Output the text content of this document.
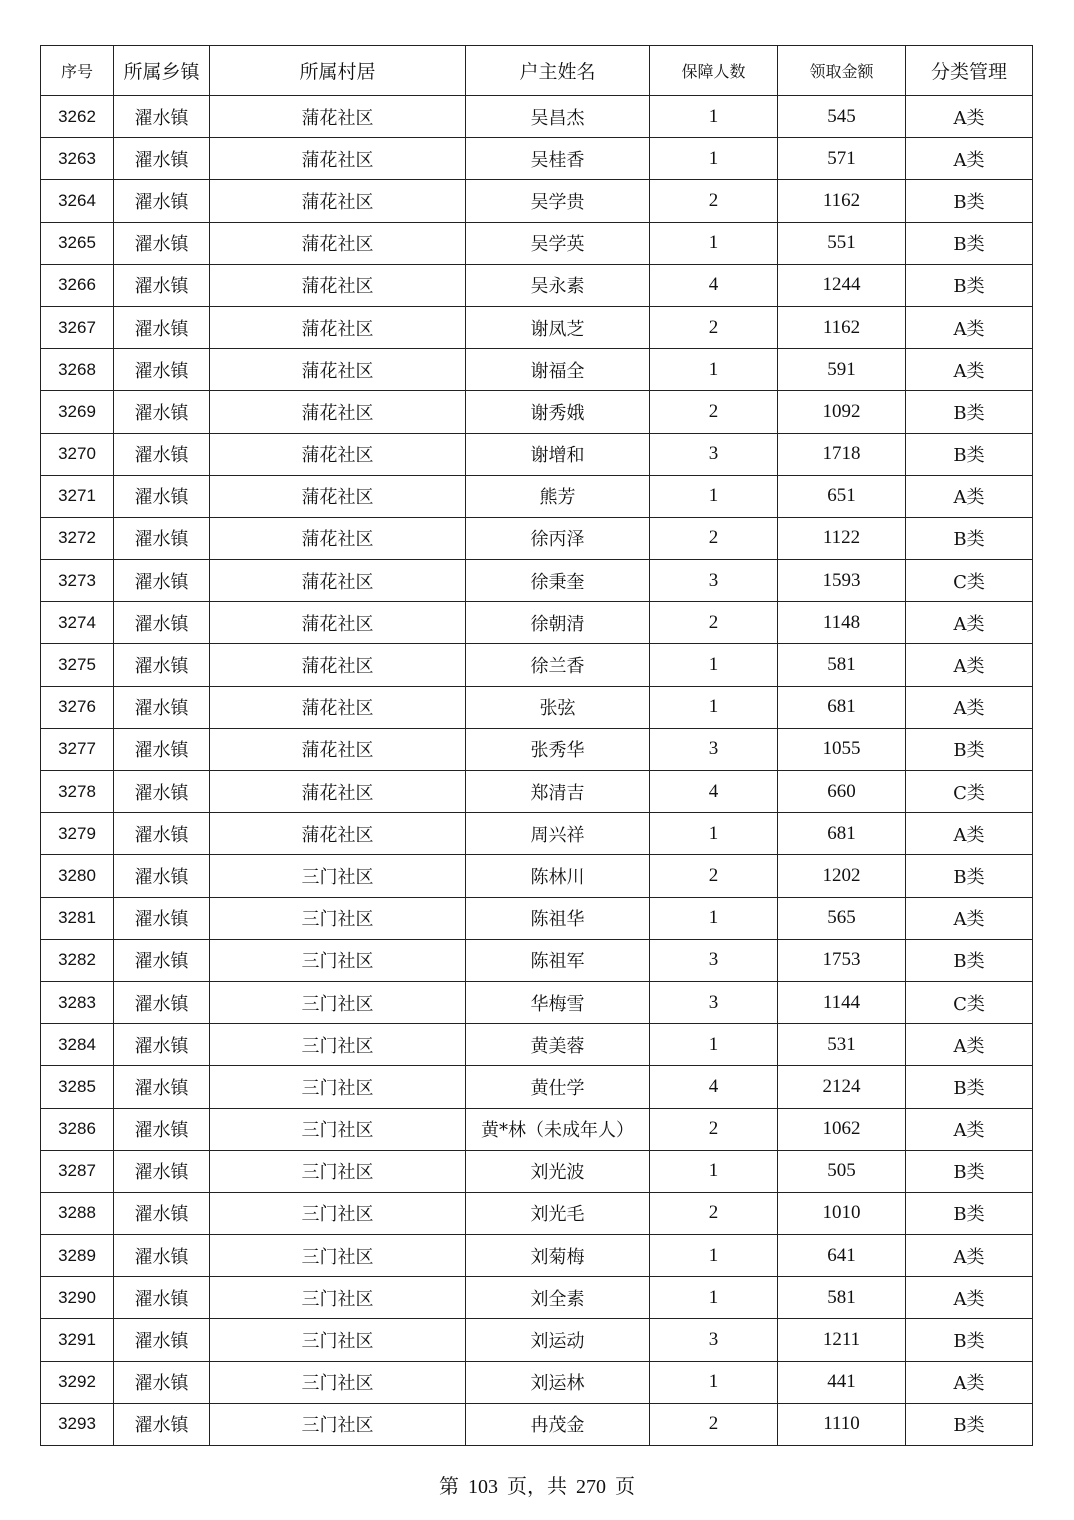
序号	所属乡镇	所属村居	户主姓名	保障人数	领取金额	分类管理
3262	濯水镇	蒲花社区	吴昌杰	1	545	A类
3263	濯水镇	蒲花社区	吴桂香	1	571	A类
3264	濯水镇	蒲花社区	吴学贵	2	1162	B类
3265	濯水镇	蒲花社区	吴学英	1	551	B类
3266	濯水镇	蒲花社区	吴永素	4	1244	B类
3267	濯水镇	蒲花社区	谢凤芝	2	1162	A类
3268	濯水镇	蒲花社区	谢福全	1	591	A类
3269	濯水镇	蒲花社区	谢秀娥	2	1092	B类
3270	濯水镇	蒲花社区	谢增和	3	1718	B类
3271	濯水镇	蒲花社区	熊芳	1	651	A类
3272	濯水镇	蒲花社区	徐丙泽	2	1122	B类
3273	濯水镇	蒲花社区	徐秉奎	3	1593	C类
3274	濯水镇	蒲花社区	徐朝清	2	1148	A类
3275	濯水镇	蒲花社区	徐兰香	1	581	A类
3276	濯水镇	蒲花社区	张弦	1	681	A类
3277	濯水镇	蒲花社区	张秀华	3	1055	B类
3278	濯水镇	蒲花社区	郑清吉	4	660	C类
3279	濯水镇	蒲花社区	周兴祥	1	681	A类
3280	濯水镇	三门社区	陈林川	2	1202	B类
3281	濯水镇	三门社区	陈祖华	1	565	A类
3282	濯水镇	三门社区	陈祖军	3	1753	B类
3283	濯水镇	三门社区	华梅雪	3	1144	C类
3284	濯水镇	三门社区	黄美蓉	1	531	A类
3285	濯水镇	三门社区	黄仕学	4	2124	B类
3286	濯水镇	三门社区	黄*林（未成年人）	2	1062	A类
3287	濯水镇	三门社区	刘光波	1	505	B类
3288	濯水镇	三门社区	刘光毛	2	1010	B类
3289	濯水镇	三门社区	刘菊梅	1	641	A类
3290	濯水镇	三门社区	刘全素	1	581	A类
3291	濯水镇	三门社区	刘运动	3	1211	B类
3292	濯水镇	三门社区	刘运林	1	441	A类
3293	濯水镇	三门社区	冉茂金	2	1110	B类
第 103 页，共 270 页
